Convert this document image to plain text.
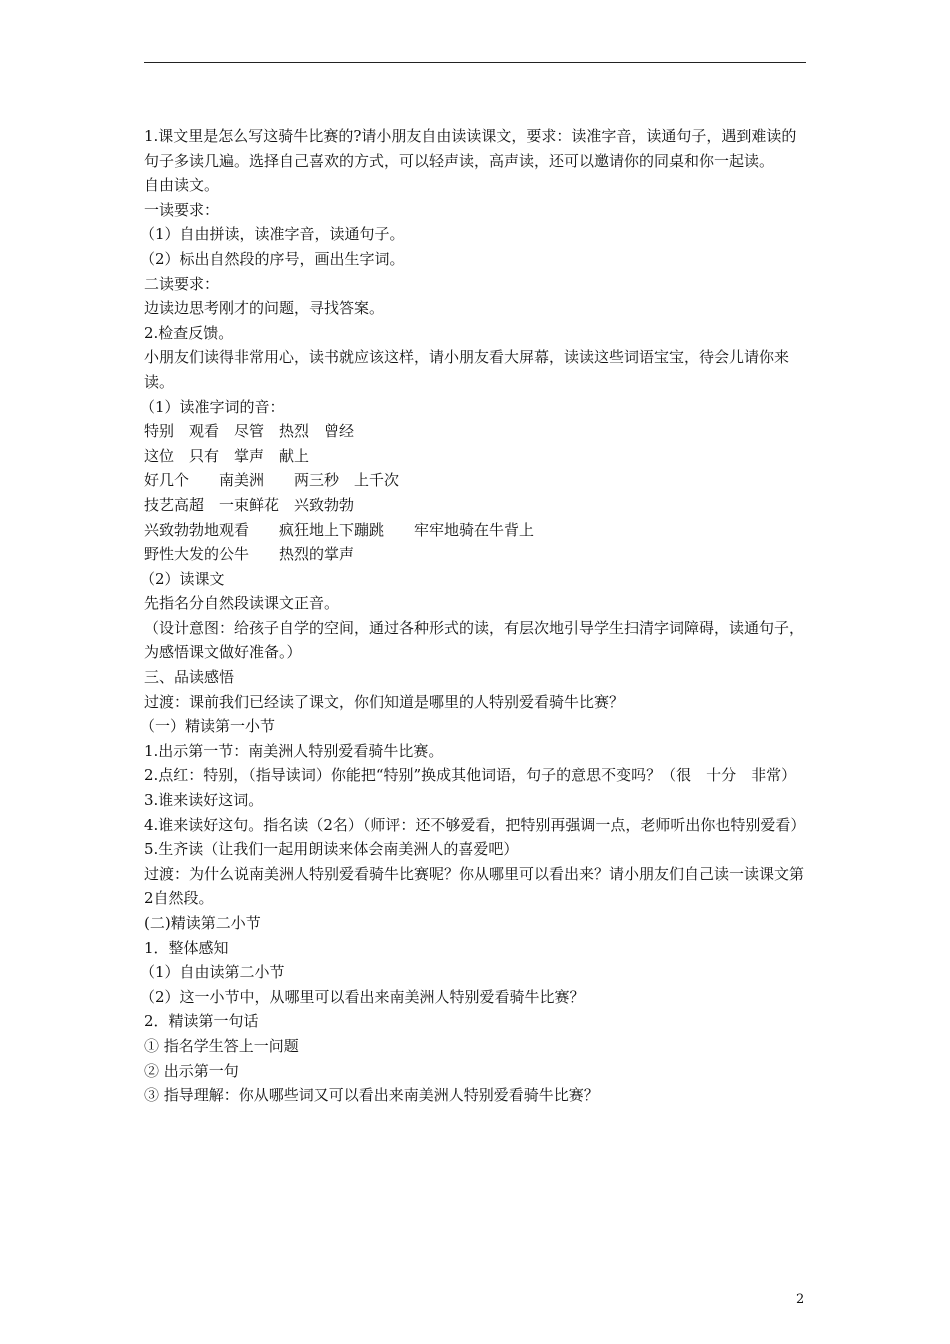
1.课文里是怎么写这骑牛比赛的?请小朋友自由读读课文，要求：读准字音，读通句子，遇到难读的句子多读几遍。选择自己喜欢的方式，可以轻声读，高声读，还可以邀请你的同桌和你一起读。

自由读文。

一读要求：

（1）自由拼读，读准字音，读通句子。

（2）标出自然段的序号，画出生字词。

二读要求：

边读边思考刚才的问题，寻找答案。

2.检查反馈。

小朋友们读得非常用心，读书就应该这样，请小朋友看大屏幕，读读这些词语宝宝，待会儿请你来读。

（1）读准字词的音：

特别　观看　尽管　热烈　曾经

这位　只有　掌声　献上

好几个　　南美洲　　两三秒　上千次

技艺高超　一束鲜花　兴致勃勃

兴致勃勃地观看　　疯狂地上下蹦跳　　牢牢地骑在牛背上

野性大发的公牛　　热烈的掌声

（2）读课文

先指名分自然段读课文正音。

（设计意图：给孩子自学的空间，通过各种形式的读，有层次地引导学生扫清字词障碍，读通句子，为感悟课文做好准备。）

三、品读感悟

过渡：课前我们已经读了课文，你们知道是哪里的人特别爱看骑牛比赛？

（一）精读第一小节

1.出示第一节：南美洲人特别爱看骑牛比赛。

2.点红：特别，（指导读词）你能把“特别”换成其他词语，句子的意思不变吗？（很　十分　非常）

3.谁来读好这词。

4.谁来读好这句。指名读（2名）（师评：还不够爱看，把特别再强调一点，老师听出你也特别爱看）

5.生齐读（让我们一起用朗读来体会南美洲人的喜爱吧）

过渡：为什么说南美洲人特别爱看骑牛比赛呢？你从哪里可以看出来？请小朋友们自己读一读课文第2自然段。

(二)精读第二小节

1．整体感知

（1）自由读第二小节

（2）这一小节中，从哪里可以看出来南美洲人特别爱看骑牛比赛？

2．精读第一句话

① 指名学生答上一问题

② 出示第一句

③ 指导理解：你从哪些词又可以看出来南美洲人特别爱看骑牛比赛？

2
